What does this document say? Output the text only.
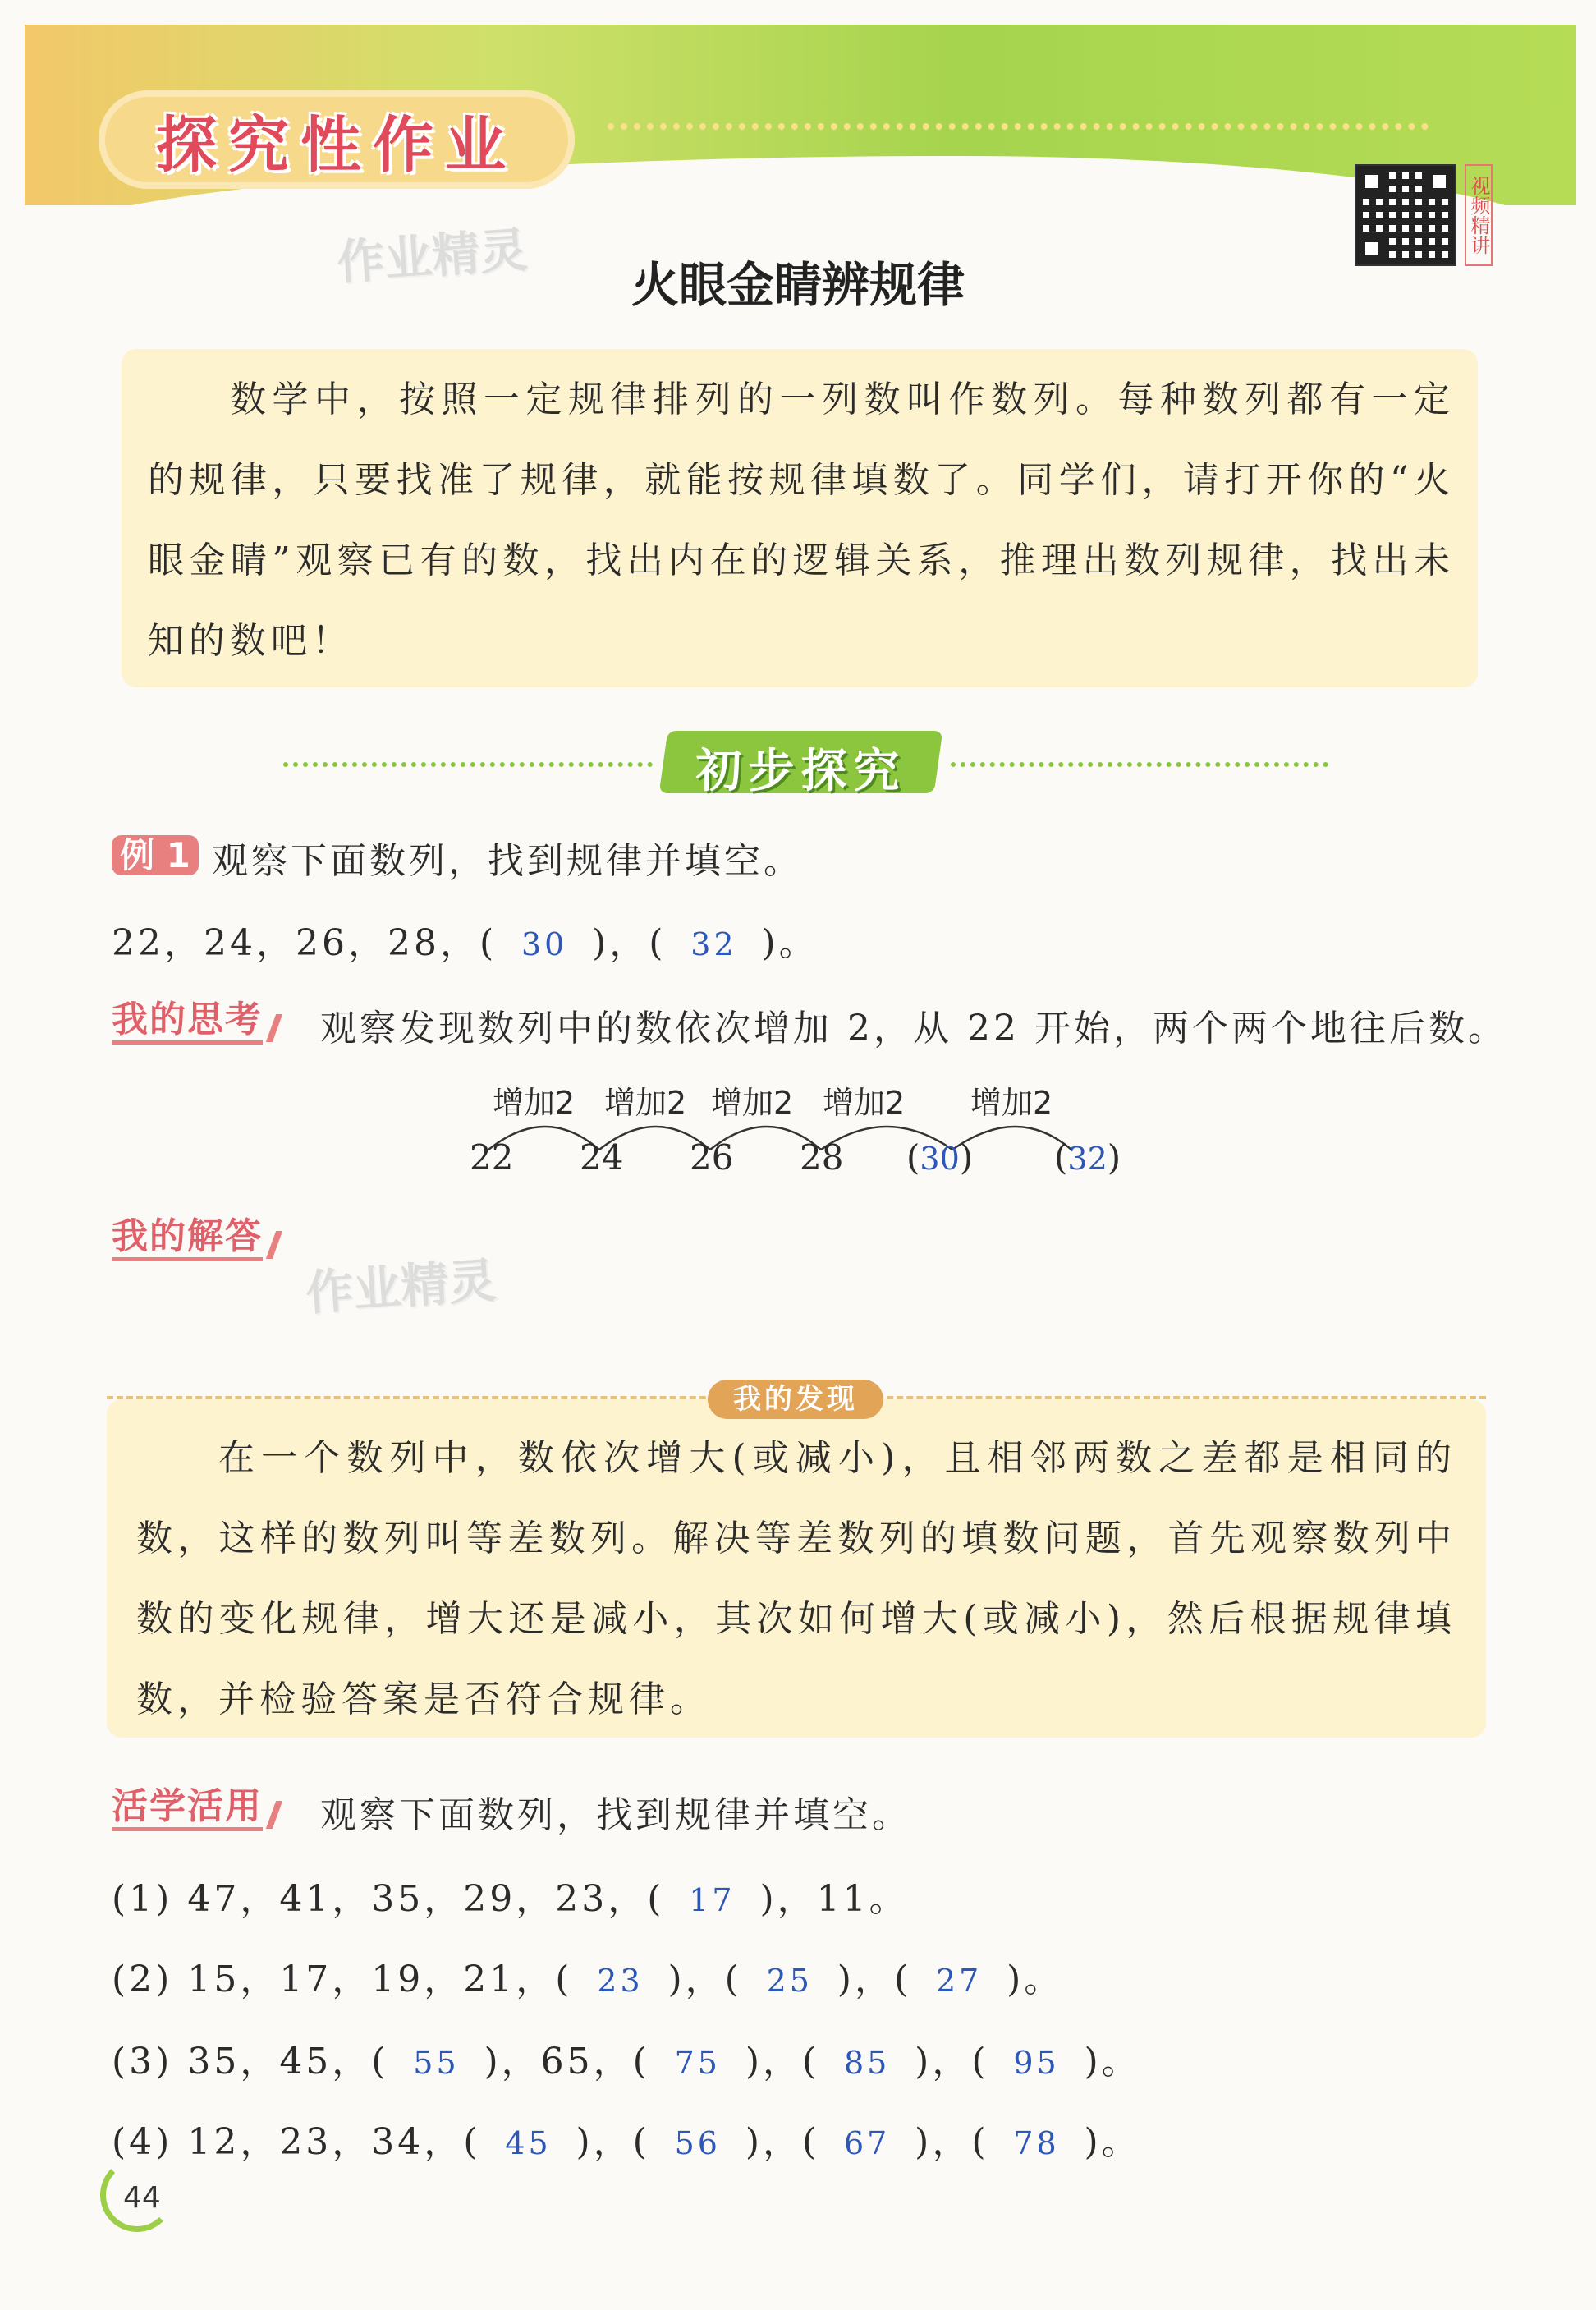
探究性作业
视频精讲
作业精灵	火眼金睛辨规律
数学中，按照一定规律排列的一列数叫作数列。每种数列都有一定的规律，只要找准了规律，就能按规律填数了。同学们，请打开你的“火眼金睛”观察已有的数，找出内在的逻辑关系，推理出数列规律，找出未知的数吧！
初步探究
例 1 观察下面数列，找到规律并填空。
22，24，26，28，( 30 )，( 32 )。
我的思考	观察发现数列中的数依次增加 2，从 22 开始，两个两个地往后数。
增加2 增加2 增加2 增加2 增加2
22 24 26 28 (30) (32)
我的解答
作业精灵
我的发现
在一个数列中，数依次增大(或减小)，且相邻两数之差都是相同的数，这样的数列叫等差数列。解决等差数列的填数问题，首先观察数列中数的变化规律，增大还是减小，其次如何增大(或减小)，然后根据规律填数，并检验答案是否符合规律。
活学活用	观察下面数列，找到规律并填空。
(1) 47，41，35，29，23，( 17 )，11。
(2) 15，17，19，21，( 23 )，( 25 )，( 27 )。
(3) 35，45，( 55 )，65，( 75 )，( 85 )，( 95 )。
(4) 12，23，34，( 45 )，( 56 )，( 67 )，( 78 )。
44
